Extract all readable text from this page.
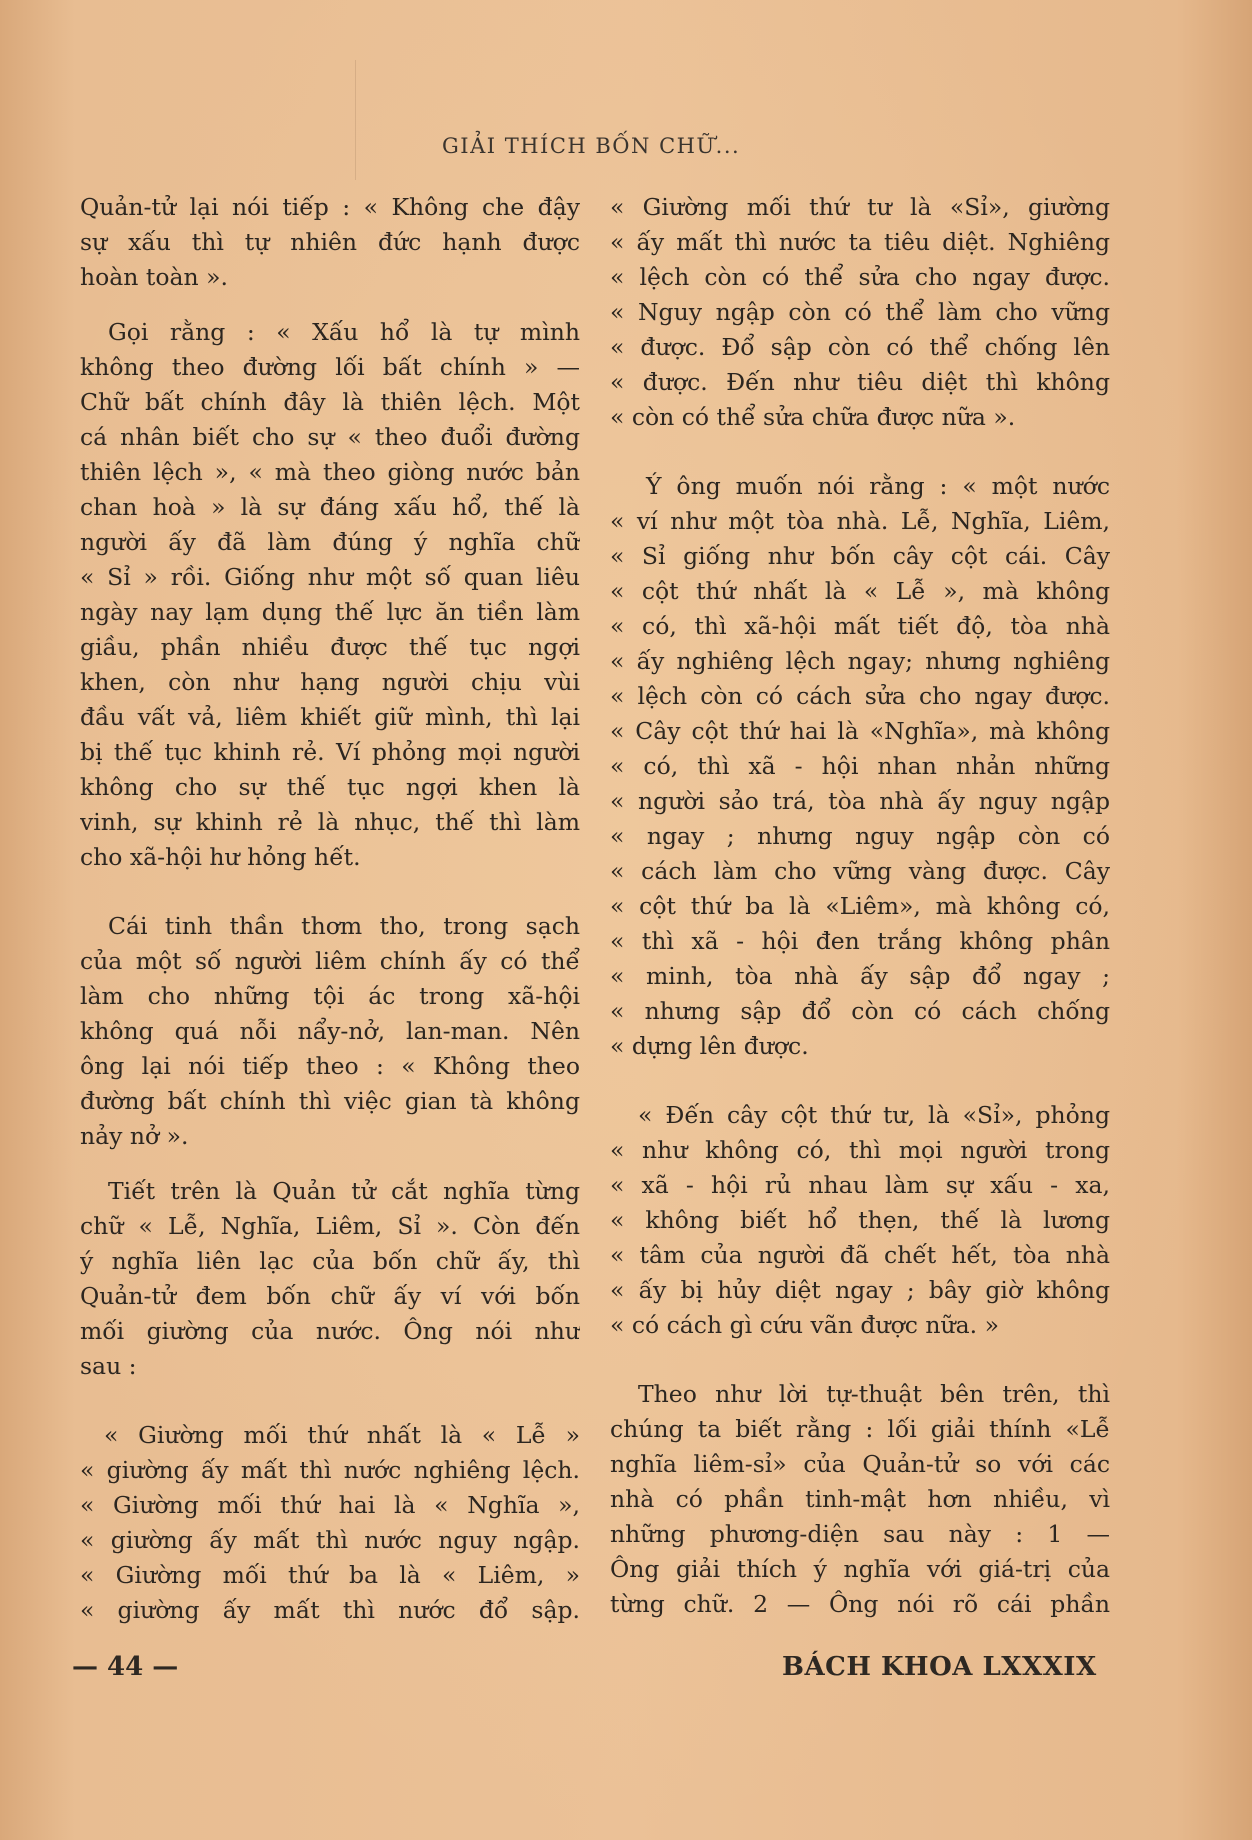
GIẢI THÍCH BỐN CHỮ...
Quản-tử lại nói tiếp : « Không che đậy
sự xấu thì tự nhiên đức hạnh được
hoàn toàn ».
Gọi rằng : « Xấu hổ là tự mình
không theo đường lối bất chính » —
Chữ bất chính đây là thiên lệch. Một
cá nhân biết cho sự « theo đuổi đường
thiên lệch », « mà theo giòng nước bản
chan hoà » là sự đáng xấu hổ, thế là
người ấy đã làm đúng ý nghĩa chữ
« Sỉ » rồi. Giống như một số quan liêu
ngày nay lạm dụng thế lực ăn tiền làm
giầu, phần nhiều được thế tục ngợi
khen, còn như hạng người chịu vùi
đầu vất vả, liêm khiết giữ mình, thì lại
bị thế tục khinh rẻ. Ví phỏng mọi người
không cho sự thế tục ngợi khen là
vinh, sự khinh rẻ là nhục, thế thì làm
cho xã-hội hư hỏng hết.
Cái tinh thần thơm tho, trong sạch
của một số người liêm chính ấy có thể
làm cho những tội ác trong xã-hội
không quá nỗi nẩy-nở, lan-man. Nên
ông lại nói tiếp theo : « Không theo
đường bất chính thì việc gian tà không
nảy nở ».
Tiết trên là Quản tử cắt nghĩa từng
chữ « Lễ, Nghĩa, Liêm, Sỉ ». Còn đến
ý nghĩa liên lạc của bốn chữ ấy, thì
Quản-tử đem bốn chữ ấy ví với bốn
mối giường của nước. Ông nói như
sau :
« Giường mối thứ nhất là « Lễ »
« giường ấy mất thì nước nghiêng lệch.
« Giường mối thứ hai là « Nghĩa »,
« giường ấy mất thì nước nguy ngập.
« Giường mối thứ ba là « Liêm, »
« giường ấy mất thì nước đổ sập.
« Giường mối thứ tư là «Sỉ», giường
« ấy mất thì nước ta tiêu diệt. Nghiêng
« lệch còn có thể sửa cho ngay được.
« Nguy ngập còn có thể làm cho vững
« được. Đổ sập còn có thể chống lên
« được. Đến như tiêu diệt thì không
« còn có thể sửa chữa được nữa ».
Ý ông muốn nói rằng : « một nước
« ví như một tòa nhà. Lễ, Nghĩa, Liêm,
« Sỉ giống như bốn cây cột cái. Cây
« cột thứ nhất là « Lễ », mà không
« có, thì xã-hội mất tiết độ, tòa nhà
« ấy nghiêng lệch ngay; nhưng nghiêng
« lệch còn có cách sửa cho ngay được.
« Cây cột thứ hai là «Nghĩa», mà không
« có, thì xã - hội nhan nhản những
« người sảo trá, tòa nhà ấy nguy ngập
« ngay ; nhưng nguy ngập còn có
« cách làm cho vững vàng được. Cây
« cột thứ ba là «Liêm», mà không có,
« thì xã - hội đen trắng không phân
« minh, tòa nhà ấy sập đổ ngay ;
« nhưng sập đổ còn có cách chống
« dựng lên được.
« Đến cây cột thứ tư, là «Sỉ», phỏng
« như không có, thì mọi người trong
« xã - hội rủ nhau làm sự xấu - xa,
« không biết hổ thẹn, thế là lương
« tâm của người đã chết hết, tòa nhà
« ấy bị hủy diệt ngay ; bây giờ không
« có cách gì cứu vãn được nữa. »
Theo như lời tự-thuật bên trên, thì
chúng ta biết rằng : lối giải thính «Lễ
nghĩa liêm-sỉ» của Quản-tử so với các
nhà có phần tinh-mật hơn nhiều, vì
những phương-diện sau này : 1 —
Ông giải thích ý nghĩa với giá-trị của
từng chữ. 2 — Ông nói rõ cái phần
— 44 —	BÁCH KHOA LXXXIX
